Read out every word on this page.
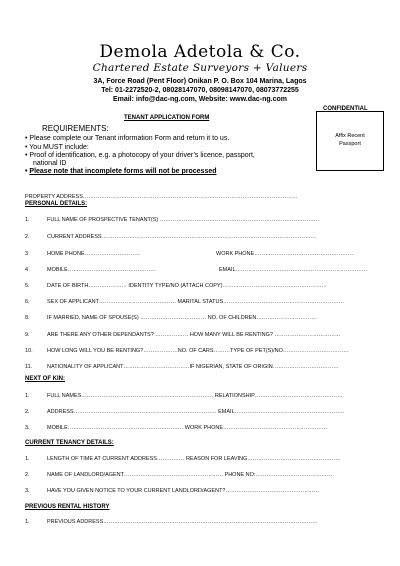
Demola Adetola & Co.
Chartered Estate Surveyors + Valuers
3A, Force Road (Pent Floor) Onikan P. O. Box 104 Marina, Lagos
Tel: 01-2272520-2, 08028147070, 08098147070, 08073772255
Email: info@dac-ng.com, Website: www.dac-ng.com
CONFIDENTIAL
TENANT APPLICATION FORM
REQUIREMENTS:
• Please complete our Tenant information Form and return it to us.
• You MUST include:
• Proof of identification, e.g. a photocopy of your driver’s licence, passport,
national ID
• Please note that incomplete forms will not be processed
Affix Recent
Passport
PROPERTY ADDRESS………………………………………………………………………………………………………
PERSONAL DETAILS:
1.	FULL NAME OF PROSPECTIVE TENANT(S) ……………………………………………………………………………
2.	CURRENT ADDRESS………………………………………………………………………………………………………
3	HOME PHONE…………………………	WORK PHONE………………………………………………
4	MOBILE…………………………………………	EMAIL………………………………………………………………
5.	DATE OF BIRTH………………… IDENTITY TYPE/NO (ATTACH COPY)…………………………………………………
6.	SEX OF APPLICANT…………………………………… MARITAL STATUS…………………………………………………………
8.	IF MARRIED, NAME OF SPOUSE(S) ……………………………… NO. OF CHILDREN……………………………
9.	ARE THERE ANY OTHER DEPENDANTS? ……………… HOW MANY WILL BE RENTING? ………………………………
10.	HOW LONG WILL YOU BE RENTING?……………….NO. OF CARS………TYPE OF PET(S)/NO………………………………
11.	NATIONALITY OF APPLICANT………………………………IF NIGERIAN, STATE OF ORIGIN………………………………
NEXT OF KIN:
1.	FULL NAMES……………………………………………………………… RELATIONSHIP…………………………………………
2.	ADDRESS…………………………………………………………………… EMAIL……………………………………………………
3.	MOBILE……………………………………………………… WORK PHONE…………………………………………………
CURRENT TENANCY DETAILS:
1.	LENGTH OF TIME AT CURRENT ADDRESS…………… REASON FOR LEAVING……………………………………………
2.	NAME OF LANDLORD/AGENT……………………………………………… PHONE NO:……………………………………
3.	HAVE YOU GIVEN NOTICE TO YOUR CURRENT LANDLORD/AGENT?……………………………………………
PREVIOUS RENTAL HISTORY
1.	PREVIOUS ADDRESS………………………………………………………………………………………………………
